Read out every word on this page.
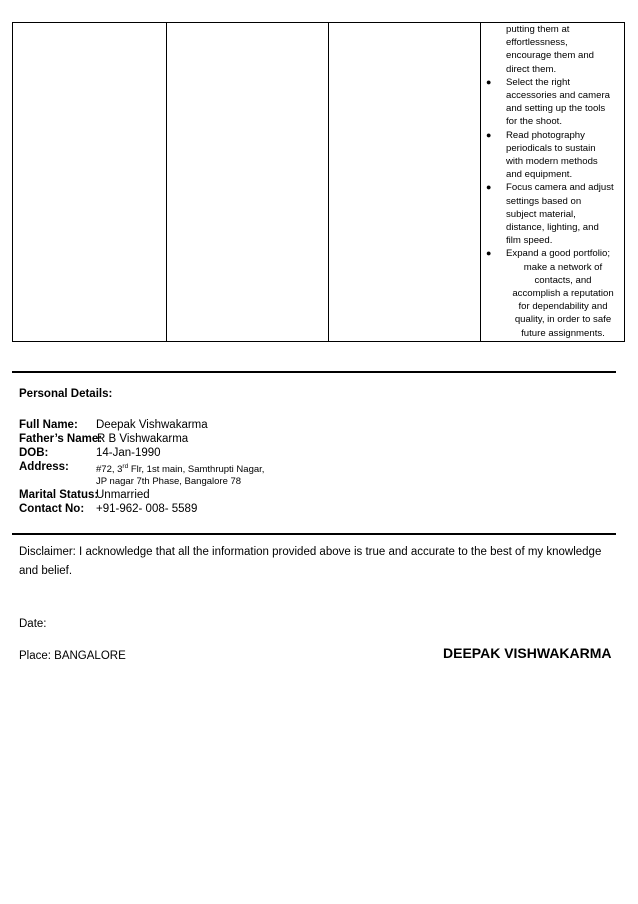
putting them at
effortlessness,
encourage them and
direct them.
● Select the right
accessories and camera
and setting up the tools
for the shoot.
● Read photography
periodicals to sustain
with modern methods
and equipment.
● Focus camera and adjust
settings based on
subject material,
distance, lighting, and
film speed.
● Expand a good portfolio;
make a network of
contacts, and
accomplish a reputation
for dependability and
quality, in order to safe
future assignments.
Personal Details:
Full Name: Deepak Vishwakarma
Father’s Name:
R B Vishwakarma
DOB:	14-Jan-1990
Address:	#72, 3rd Flr, 1st main, Samthrupti Nagar,
JP nagar 7th Phase, Bangalore 78
Marital Status:
Unmarried
Contact No: +91-962- 008- 5589
Disclaimer: I acknowledge that all the information provided above is true and accurate to the best of my knowledge and belief.
Date:
Place: BANGALORE	DEEPAK VISHWAKARMA
